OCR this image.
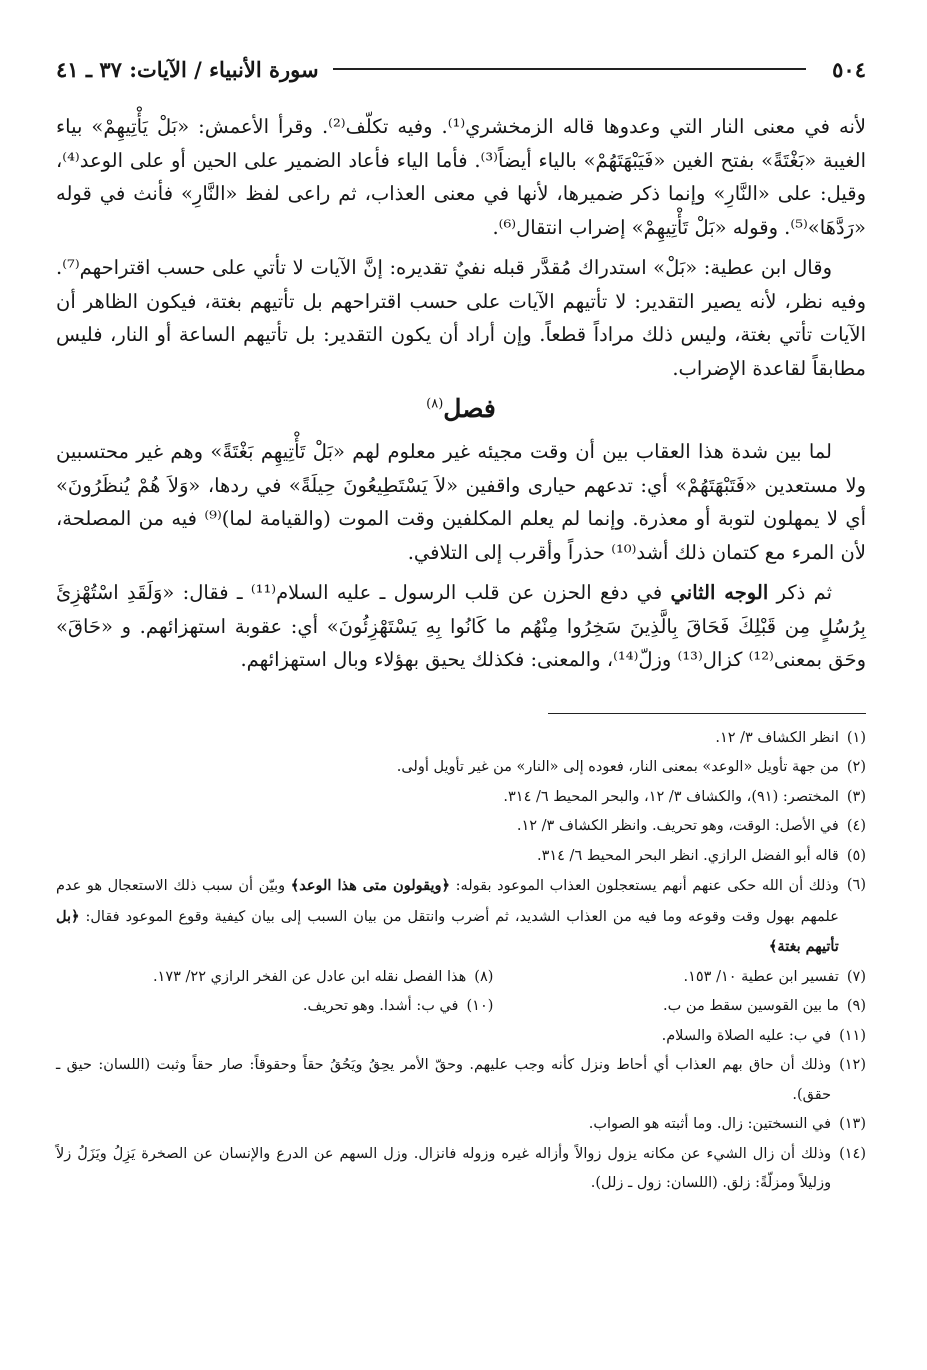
سورة الأنبياء / الآيات: ٣٧ ـ ٤١	٥٠٤

لأنه في معنى النار التي وعدوها قاله الزمخشري⁽¹⁾. وفيه تكلّف⁽²⁾. وقرأ الأعمش: «بَلْ يَأْتِيهِمْ» بياء الغيبة «بَغْتَةً» بفتح الغين «فَيَبْهَتَهُمْ» بالياء أيضاً⁽³⁾. فأما الياء فأعاد الضمير على الحين أو على الوعد⁽⁴⁾، وقيل: على «النَّارِ» وإنما ذكر ضميرها، لأنها في معنى العذاب، ثم راعى لفظ «النَّارِ» فأنث في قوله «رَدَّهَا»⁽⁵⁾. وقوله «بَلْ تَأْتِيهِمْ» إضراب انتقال⁽⁶⁾.

وقال ابن عطية: «بَلْ» استدراك مُقدَّر قبله نفيٌ تقديره: إنَّ الآيات لا تأتي على حسب اقتراحهم⁽⁷⁾. وفيه نظر، لأنه يصير التقدير: لا تأتيهم الآيات على حسب اقتراحهم بل تأتيهم بغتة، فيكون الظاهر أن الآيات تأتي بغتة، وليس ذلك مراداً قطعاً. وإن أراد أن يكون التقدير: بل تأتيهم الساعة أو النار، فليس مطابقاً لقاعدة الإضراب.

فصل$^{(٨)}$

لما بين شدة هذا العقاب بين أن وقت مجيئه غير معلوم لهم «بَلْ تَأْتِيهِم بَغْتَةً» وهم غير محتسبين ولا مستعدين «فَتَبْهَتَهُمْ» أي: تدعهم حيارى واقفين «لاَ يَسْتَطِيعُونَ حِيلَةً» في ردها، «وَلاَ هُمْ يُنظَرُونَ» أي لا يمهلون لتوبة أو معذرة. وإنما لم يعلم المكلفين وقت الموت (والقيامة لما)⁽⁹⁾ فيه من المصلحة، لأن المرء مع كتمان ذلك أشد⁽¹⁰⁾ حذراً وأقرب إلى التلافي.

ثم ذكر الوجه الثاني في دفع الحزن عن قلب الرسول ـ عليه السلام⁽¹¹⁾ ـ فقال: «وَلَقَدِ اسْتُهْزِئَ بِرُسُلٍ مِن قَبْلِكَ فَحَاقَ بِالَّذِينَ سَخِرُوا مِنْهُم ما كَانُوا بِهِ يَسْتَهْزِئُونَ» أي: عقوبة استهزائهم. و «حَاقَ» وحَق بمعنى⁽¹²⁾ كزال⁽¹³⁾ وزلّ⁽¹⁴⁾، والمعنى: فكذلك يحيق بهؤلاء وبال استهزائهم.

(١)
انظر الكشاف ٣/ ١٢.
(٢)
من جهة تأويل «الوعد» بمعنى النار، فعوده إلى «النار» من غير تأويل أولى.
(٣)
المختصر: (٩١)، والكشاف ٣/ ١٢، والبحر المحيط ٦/ ٣١٤.
(٤)
في الأصل: الوقت، وهو تحريف. وانظر الكشاف ٣/ ١٢.
(٥)
قاله أبو الفضل الرازي. انظر البحر المحيط ٦/ ٣١٤.
(٦)
وذلك أن الله حكى عنهم أنهم يستعجلون العذاب الموعود بقوله: ﴿ويقولون متى هذا الوعد﴾ وبيّن أن سبب ذلك الاستعجال هو عدم علمهم بهول وقت وقوعه وما فيه من العذاب الشديد، ثم أضرب وانتقل من بيان السبب إلى بيان كيفية وقوع الموعود فقال: ﴿بل تأتيهم بغتة﴾
(٧)
تفسير ابن عطية ١٠/ ١٥٣.
(٨)
هذا الفصل نقله ابن عادل عن الفخر الرازي ٢٢/ ١٧٣.
(٩)
ما بين القوسين سقط من ب.
(١٠)
في ب: أشدا. وهو تحريف.
(١١)
في ب: عليه الصلاة والسلام.
(١٢)
وذلك أن حاق بهم العذاب أي أحاط ونزل كأنه وجب عليهم. وحقّ الأمر يحِقُ ويَحُقُ حقاً وحقوقاً: صار حقاً وثبت (اللسان: حيق ـ حقق).
(١٣)
في النسختين: زال. وما أثبته هو الصواب.
(١٤)
وذلك أن زال الشيء عن مكانه يزول زوالاً وأزاله غيره وزوله فانزال. وزل السهم عن الدرع والإنسان عن الصخرة يَزِلُ ويَزَلُ زلاً وزليلاً ومزلّةً: زلق. (اللسان: زول ـ زلل).
